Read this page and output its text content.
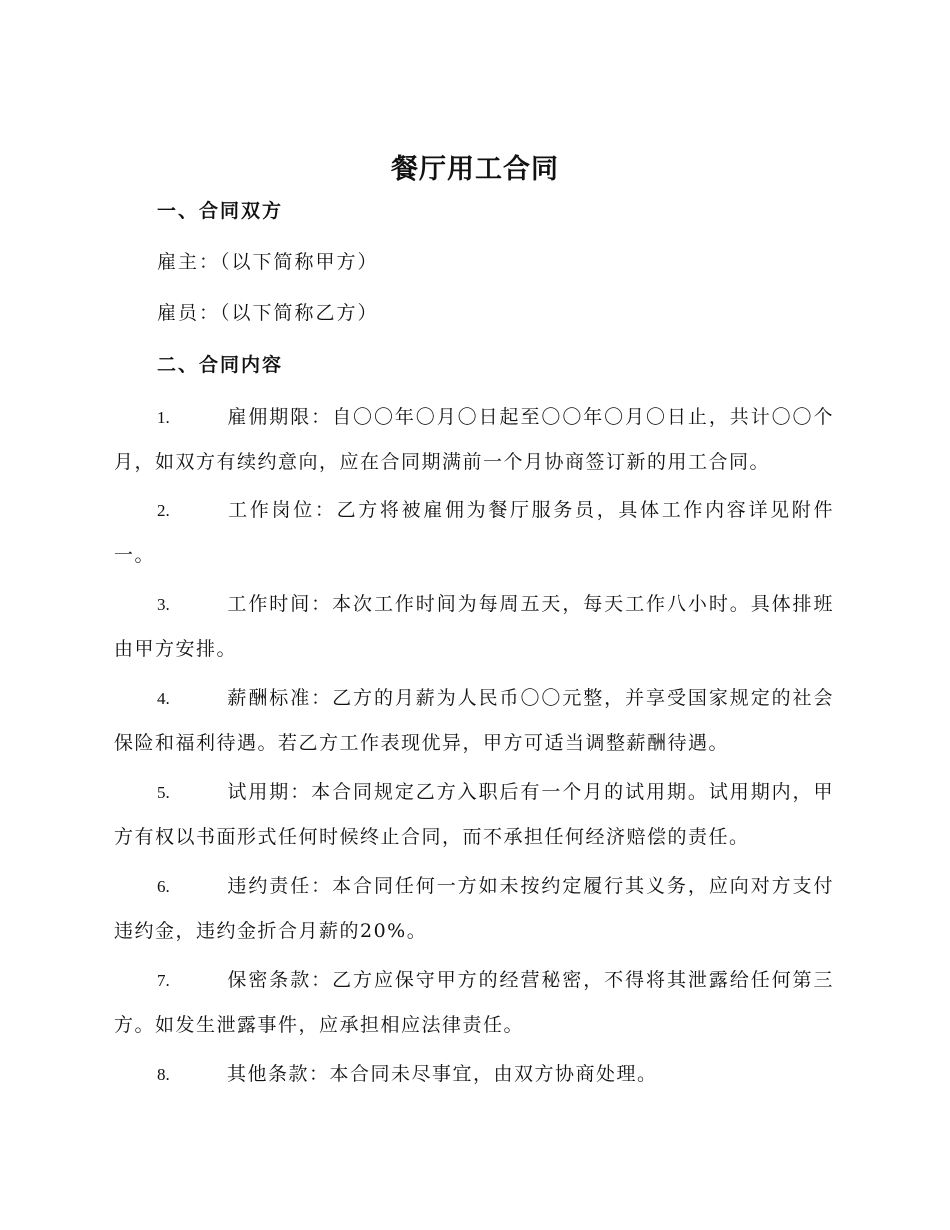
餐厅用工合同
一、合同双方
雇主：（以下简称甲方）
雇员：（以下简称乙方）
二、合同内容
1.	雇佣期限：自〇〇年〇月〇日起至〇〇年〇月〇日止，共计〇〇个月，如双方有续约意向，应在合同期满前一个月协商签订新的用工合同。
2.	工作岗位：乙方将被雇佣为餐厅服务员，具体工作内容详见附件一。
3.	工作时间：本次工作时间为每周五天，每天工作八小时。具体排班由甲方安排。
4.	薪酬标准：乙方的月薪为人民币〇〇元整，并享受国家规定的社会保险和福利待遇。若乙方工作表现优异，甲方可适当调整薪酬待遇。
5.	试用期：本合同规定乙方入职后有一个月的试用期。试用期内，甲方有权以书面形式任何时候终止合同，而不承担任何经济赔偿的责任。
6.	违约责任：本合同任何一方如未按约定履行其义务，应向对方支付违约金，违约金折合月薪的20%。
7.	保密条款：乙方应保守甲方的经营秘密，不得将其泄露给任何第三方。如发生泄露事件，应承担相应法律责任。
8.	其他条款：本合同未尽事宜，由双方协商处理。
